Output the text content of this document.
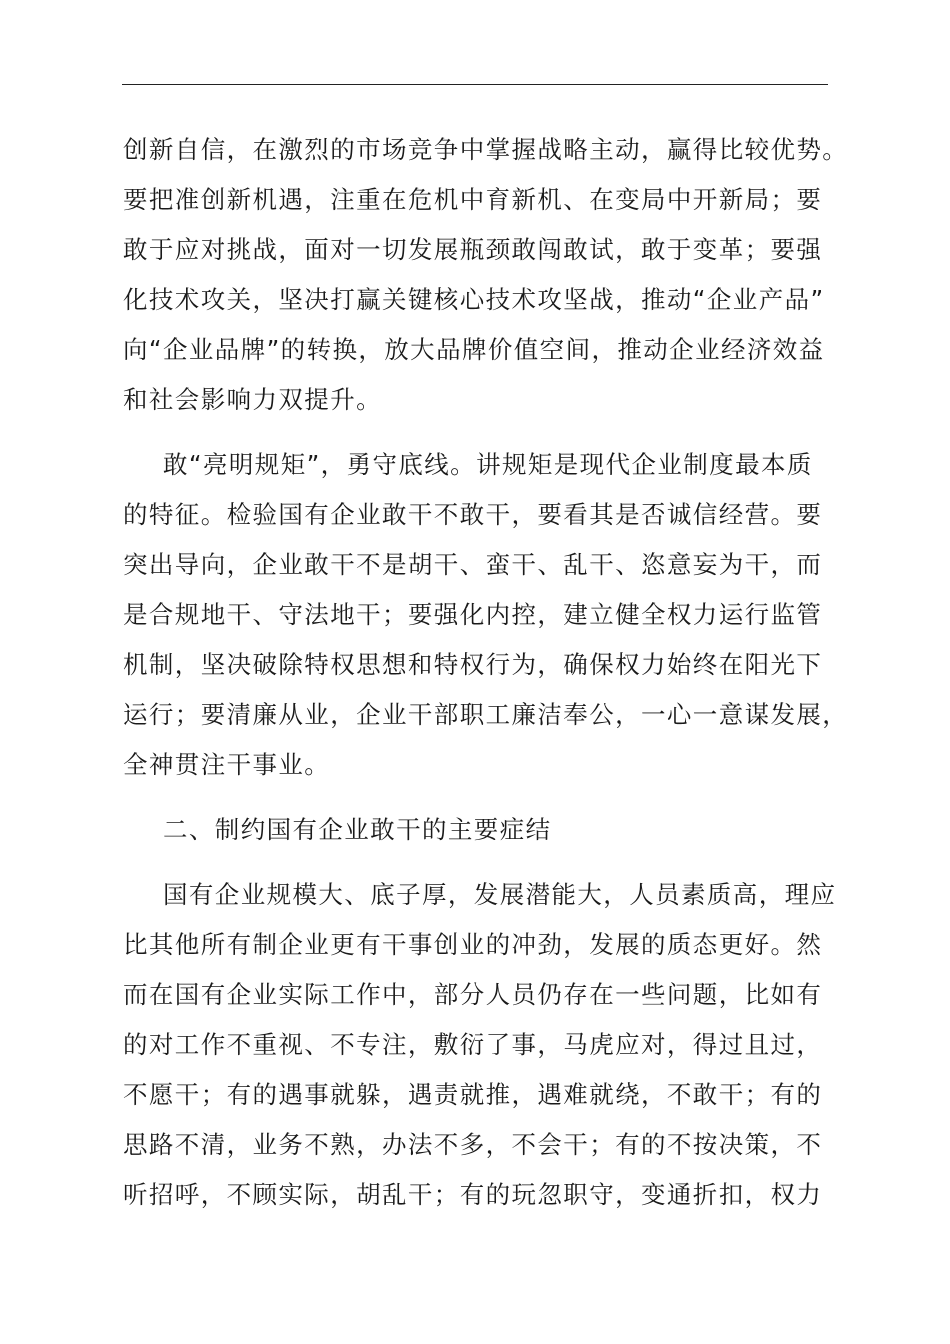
创新自信，在激烈的市场竞争中掌握战略主动，赢得比较优势。
要把准创新机遇，注重在危机中育新机、在变局中开新局；要
敢于应对挑战，面对一切发展瓶颈敢闯敢试，敢于变革；要强
化技术攻关，坚决打赢关键核心技术攻坚战，推动“企业产品”
向“企业品牌”的转换，放大品牌价值空间，推动企业经济效益
和社会影响力双提升。
敢“亮明规矩”，勇守底线。讲规矩是现代企业制度最本质
的特征。检验国有企业敢干不敢干，要看其是否诚信经营。要
突出导向，企业敢干不是胡干、蛮干、乱干、恣意妄为干，而
是合规地干、守法地干；要强化内控，建立健全权力运行监管
机制，坚决破除特权思想和特权行为，确保权力始终在阳光下
运行；要清廉从业，企业干部职工廉洁奉公，一心一意谋发展，
全神贯注干事业。
二、制约国有企业敢干的主要症结
国有企业规模大、底子厚，发展潜能大，人员素质高，理应
比其他所有制企业更有干事创业的冲劲，发展的质态更好。然
而在国有企业实际工作中，部分人员仍存在一些问题，比如有
的对工作不重视、不专注，敷衍了事，马虎应对，得过且过，
不愿干；有的遇事就躲，遇责就推，遇难就绕，不敢干；有的
思路不清，业务不熟，办法不多，不会干；有的不按决策，不
听招呼，不顾实际，胡乱干；有的玩忽职守，变通折扣，权力
